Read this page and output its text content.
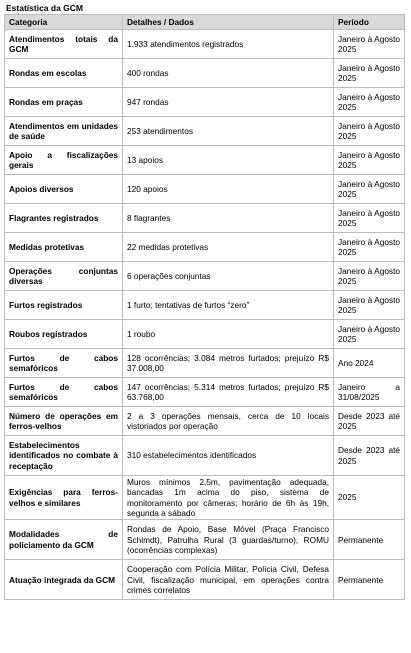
Estatística da GCM
Categoria	Detalhes / Dados	Período
Atendimentos totais da GCM	1.933 atendimentos registrados	Janeiro à Agosto 2025
Rondas em escolas	400 rondas	Janeiro à Agosto 2025
Rondas em praças	947 rondas	Janeiro à Agosto 2025
Atendimentos em unidades de saúde	253 atendimentos	Janeiro à Agosto 2025
Apoio a fiscalizações gerais	13 apoios	Janeiro à Agosto 2025
Apoios diversos	120 apoios	Janeiro à Agosto 2025
Flagrantes registrados	8 flagrantes	Janeiro à Agosto 2025
Medidas protetivas	22 medidas protetivas	Janeiro à Agosto 2025
Operações conjuntas diversas	6 operações conjuntas	Janeiro à Agosto 2025
Furtos registrados	1 furto; tentativas de furtos “zero”	Janeiro à Agosto 2025
Roubos registrados	1 roubo	Janeiro à Agosto 2025
Furtos de cabos semafóricos	128 ocorrências; 3.084 metros furtados; prejuízo R$ 37.008,00	Ano 2024
Furtos de cabos semafóricos	147 ocorrências; 5.314 metros furtados; prejuízo R$ 63.768,00	Janeiro a 31/08/2025
Número de operações em ferros-velhos	2 a 3 operações mensais, cerca de 10 locais vistoriados por operação	Desde 2023 até 2025
Estabelecimentos identificados no combate à receptação	310 estabelecimentos identificados	Desde 2023 até 2025
Exigências para ferros-velhos e similares	Muros mínimos 2,5m, pavimentação adequada, bancadas 1m acima do piso, sistema de monitoramento por câmeras; horário de 6h às 19h, segunda a sábado	2025
Modalidades de policiamento da GCM	Rondas de Apoio, Base Móvel (Praça Francisco Schimdt), Patrulha Rural (3 guardas/turno), ROMU (ocorrências complexas)	Permanente
Atuação integrada da GCM	Cooperação com Polícia Militar, Polícia Civil, Defesa Civil, fiscalização municipal, em operações contra crimes correlatos	Permanente
